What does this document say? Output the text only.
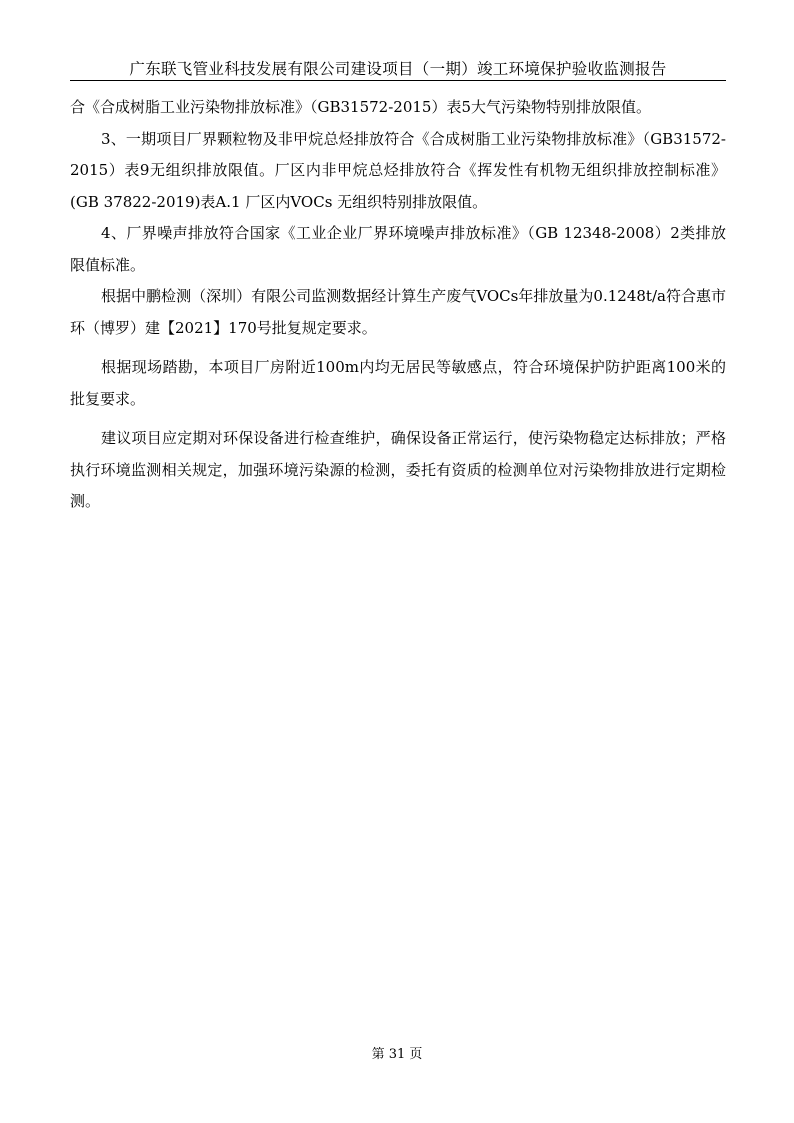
广东联飞管业科技发展有限公司建设项目（一期）竣工环境保护验收监测报告

合《合成树脂工业污染物排放标准》（GB31572-2015）表5大气污染物特别排放限值。

3、一期项目厂界颗粒物及非甲烷总烃排放符合《合成树脂工业污染物排放标准》（GB31572-2015）表9无组织排放限值。厂区内非甲烷总烃排放符合《挥发性有机物无组织排放控制标准》(GB 37822-2019)表A.1 厂区内VOCs 无组织特别排放限值。

4、厂界噪声排放符合国家《工业企业厂界环境噪声排放标准》（GB 12348-2008）2类排放限值标准。

根据中鹏检测（深圳）有限公司监测数据经计算生产废气VOCs年排放量为0.1248t/a符合惠市环（博罗）建【2021】170号批复规定要求。

根据现场踏勘，本项目厂房附近100m内均无居民等敏感点，符合环境保护防护距离100米的批复要求。

建议项目应定期对环保设备进行检查维护，确保设备正常运行，使污染物稳定达标排放；严格执行环境监测相关规定，加强环境污染源的检测，委托有资质的检测单位对污染物排放进行定期检测。

第 31 页
